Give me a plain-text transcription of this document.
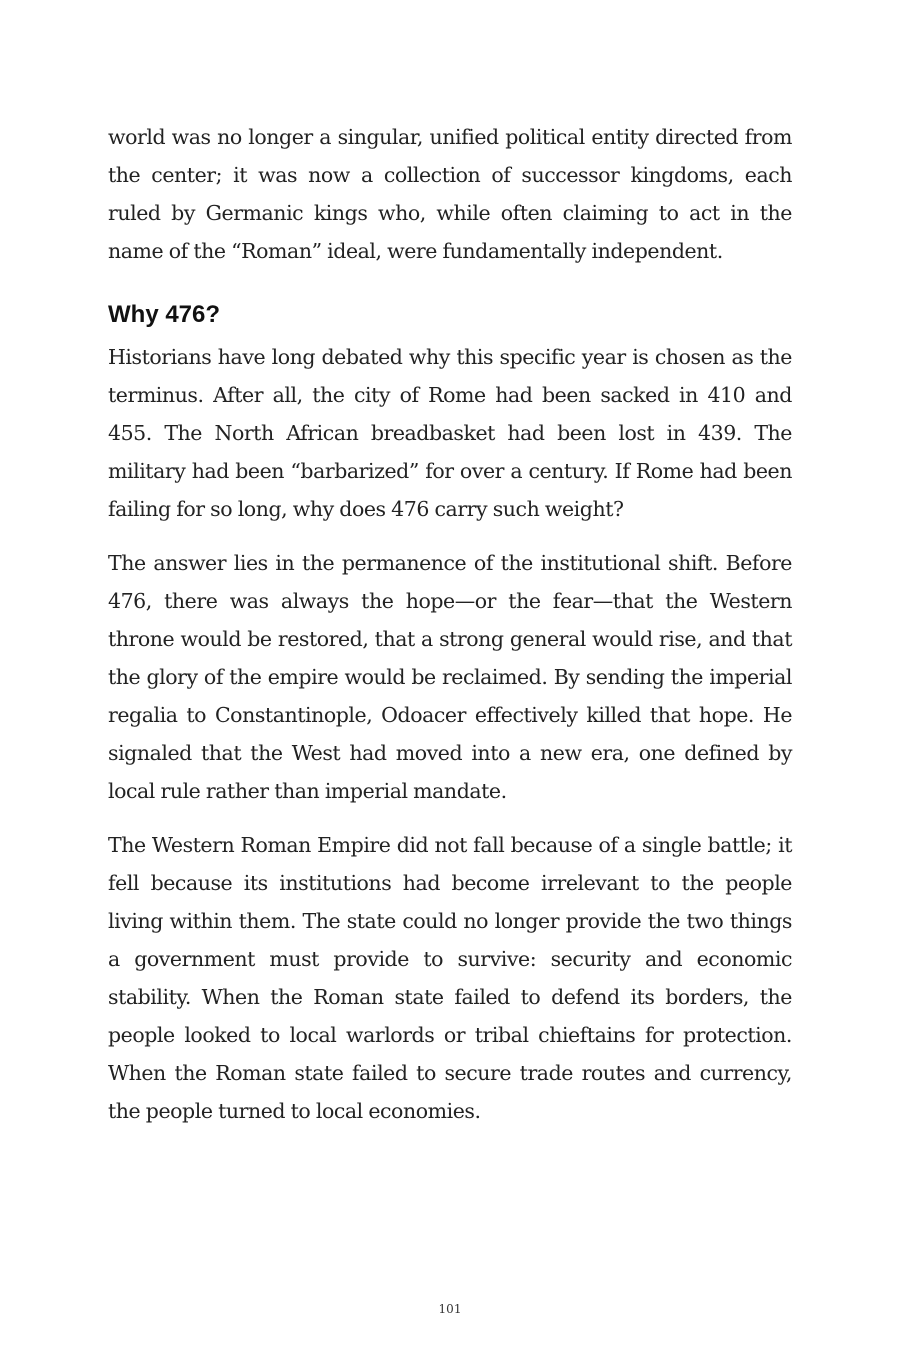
world was no longer a singular, unified political entity directed from the center; it was now a collection of successor kingdoms, each ruled by Germanic kings who, while often claiming to act in the name of the “Roman” ideal, were fundamentally independent.

Why 476?

Historians have long debated why this specific year is chosen as the terminus. After all, the city of Rome had been sacked in 410 and 455. The North African breadbasket had been lost in 439. The military had been “barbarized” for over a century. If Rome had been failing for so long, why does 476 carry such weight?

The answer lies in the permanence of the institutional shift. Before 476, there was always the hope—or the fear—that the Western throne would be restored, that a strong general would rise, and that the glory of the empire would be reclaimed. By sending the imperial regalia to Constantinople, Odoacer effectively killed that hope. He signaled that the West had moved into a new era, one defined by local rule rather than imperial mandate.

The Western Roman Empire did not fall because of a single battle; it fell because its institutions had become irrelevant to the people living within them. The state could no longer provide the two things a government must provide to survive: security and economic stability. When the Roman state failed to defend its borders, the people looked to local warlords or tribal chieftains for protection. When the Roman state failed to secure trade routes and currency, the people turned to local economies.

101
